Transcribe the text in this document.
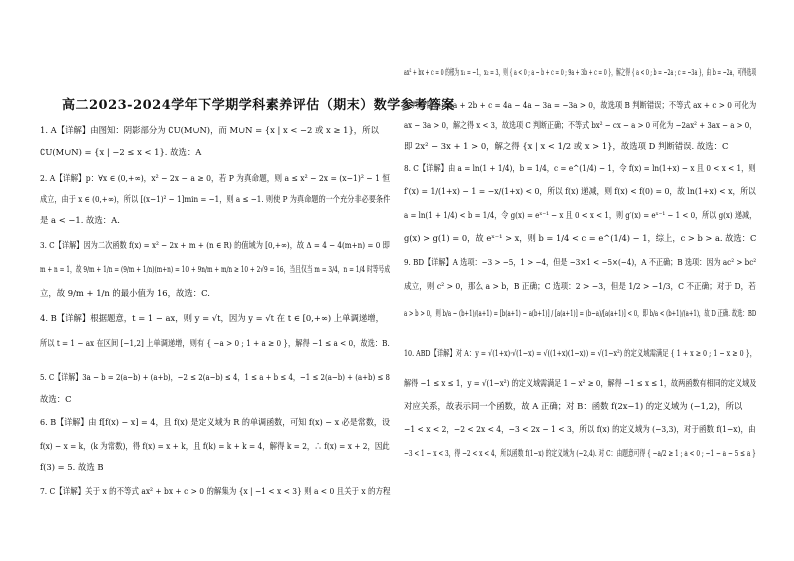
高二2023-2024学年下学期学科素养评估（期末）数学参考答案
1. A【详解】由图知：阴影部分为 ∁U(M∪N)，而 M∪N = {x | x < −2 或 x ≥ 1}，所以
∁U(M∪N) = {x | −2 ≤ x < 1}. 故选：A
2. A【详解】p：∀x ∈ (0,+∞)，x² − 2x − a ≥ 0，若 P 为真命题，则 a ≤ x² − 2x = (x−1)² − 1 恒
成立，由于 x ∈ (0,+∞)，所以 [(x−1)² − 1]min = −1，则 a ≤ −1. 则使 P 为真命题的一个充分非必要条件
是 a < −1. 故选：A.
3. C【详解】因为二次函数 f(x) = x² − 2x + m + (n ∈ R) 的值域为 [0,+∞)，故 Δ = 4 − 4(m+n) = 0 即
m + n = 1，故 9/m + 1/n = (9/m + 1/n)(m+n) = 10 + 9n/m + m/n ≥ 10 + 2√9 = 16，当且仅当 m = 3/4，n = 1/4 时等号成
立，故 9/m + 1/n 的最小值为 16，故选：C.
4. B【详解】根据题意，t = 1 − ax，则 y = √t，因为 y = √t 在 t ∈ [0,+∞) 上单调递增，
所以 t = 1 − ax 在区间 [−1,2] 上单调递增，则有 { −a > 0 ; 1 + a ≥ 0 }，解得 −1 ≤ a < 0，故选：B.
5. C【详解】3a − b = 2(a−b) + (a+b)，−2 ≤ 2(a−b) ≤ 4，1 ≤ a + b ≤ 4，−1 ≤ 2(a−b) + (a+b) ≤ 8
故选：C
6. B【详解】由 f[f(x) − x] = 4，且 f(x) 是定义域为 R 的单调函数，可知 f(x) − x 必是常数，设
f(x) − x = k，(k 为常数)，得 f(x) = x + k，且 f(k) = k + k = 4，解得 k = 2，∴ f(x) = x + 2，因此
f(3) = 5. 故选 B
7. C【详解】关于 x 的不等式 ax² + bx + c > 0 的解集为 {x | −1 < x < 3} 则 a < 0 且关于 x 的方程
ax² + bx + c = 0 的根为 x₁ = −1，x₂ = 3，则 { a < 0 ; a − b + c = 0 ; 9a + 3b + c = 0 }，解之得 { a < 0 ; b = −2a ; c = −3a }，由 b = −2a，可得选项
A 判断错误；4a + 2b + c = 4a − 4a − 3a = −3a > 0，故选项 B 判断错误；不等式 ax + c > 0 可化为
ax − 3a > 0，解之得 x < 3，故选项 C 判断正确；不等式 bx² − cx − a > 0 可化为 −2ax² + 3ax − a > 0，
即 2x² − 3x + 1 > 0，解之得 {x | x < 1/2 或 x > 1}，故选项 D 判断错误. 故选：C
8. C【详解】由 a = ln(1 + 1/4)，b = 1/4，c = e^(1/4) − 1，令 f(x) = ln(1+x) − x 且 0 < x < 1，则
f′(x) = 1/(1+x) − 1 = −x/(1+x) < 0，所以 f(x) 递减，则 f(x) < f(0) = 0，故 ln(1+x) < x，所以
a = ln(1 + 1/4) < b = 1/4，令 g(x) = eˣ⁻¹ − x 且 0 < x < 1，则 g′(x) = eˣ⁻¹ − 1 < 0，所以 g(x) 递减，
g(x) > g(1) = 0，故 eˣ⁻¹ > x，则 b = 1/4 < c = e^(1/4) − 1，综上，c > b > a. 故选：C
9. BD【详解】A 选项：−3 > −5，1 > −4，但是 −3×1 < −5×(−4)，A 不正确；B 选项：因为 ac² > bc²
成立，则 c² > 0，那么 a > b，B 正确；C 选项：2 > −3，但是 1/2 > −1/3，C 不正确；对于 D，若
a > b > 0，则 b/a − (b+1)/(a+1) = [b(a+1) − a(b+1)] / [a(a+1)] = (b−a)/[a(a+1)] < 0，即 b/a < (b+1)/(a+1)，故 D 正确. 故选：BD
10. ABD【详解】对 A：y = √(1+x)·√(1−x) = √((1+x)(1−x)) = √(1−x²) 的定义域需满足 { 1 + x ≥ 0 ; 1 − x ≥ 0 }，
解得 −1 ≤ x ≤ 1，y = √(1−x²) 的定义域需满足 1 − x² ≥ 0，解得 −1 ≤ x ≤ 1，故两函数有相同的定义域及
对应关系，故表示同一个函数，故 A 正确；对 B：函数 f(2x−1) 的定义域为 (−1,2)，所以
−1 < x < 2，−2 < 2x < 4，−3 < 2x − 1 < 3，所以 f(x) 的定义域为 (−3,3)，对于函数 f(1−x)，由
−3 < 1 − x < 3，得 −2 < x < 4，所以函数 f(1−x) 的定义域为 (−2,4). 对 C：由题意可得 { −a/2 ≥ 1 ; a < 0 ; −1 − a − 5 ≤ a }
